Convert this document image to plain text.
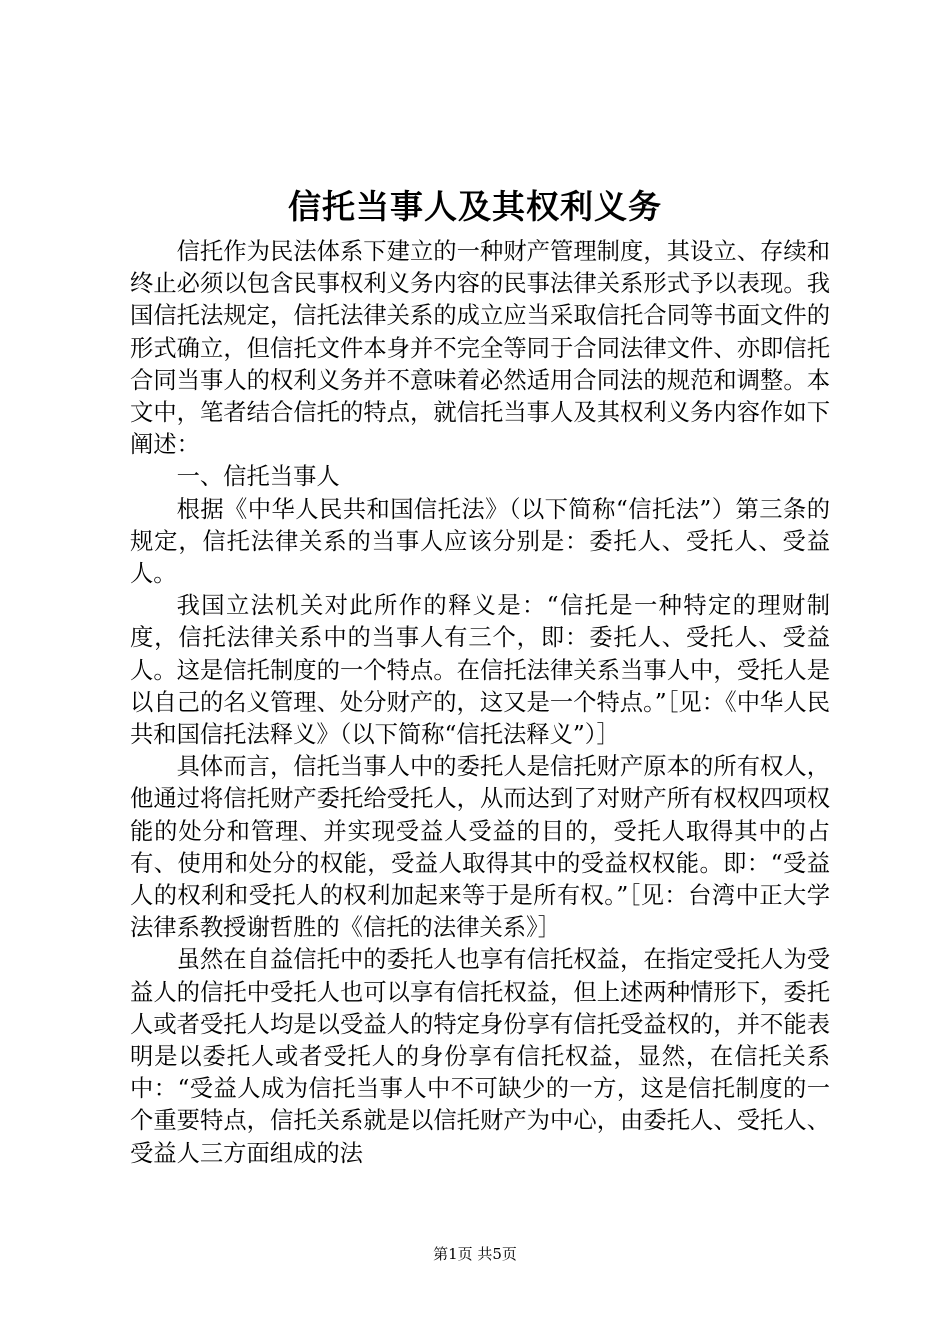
信托当事人及其权利义务

信托作为民法体系下建立的一种财产管理制度，其设立、存续和终止必须以包含民事权利义务内容的民事法律关系形式予以表现。我国信托法规定，信托法律关系的成立应当采取信托合同等书面文件的形式确立，但信托文件本身并不完全等同于合同法律文件、亦即信托合同当事人的权利义务并不意味着必然适用合同法的规范和调整。本文中，笔者结合信托的特点，就信托当事人及其权利义务内容作如下阐述：

一、信托当事人

根据《中华人民共和国信托法》（以下简称“信托法”）第三条的规定，信托法律关系的当事人应该分别是：委托人、受托人、受益人。

我国立法机关对此所作的释义是：“信托是一种特定的理财制度，信托法律关系中的当事人有三个，即：委托人、受托人、受益人。这是信托制度的一个特点。在信托法律关系当事人中，受托人是以自己的名义管理、处分财产的，这又是一个特点。”［见：《中华人民共和国信托法释义》（以下简称“信托法释义”）］

具体而言，信托当事人中的委托人是信托财产原本的所有权人，他通过将信托财产委托给受托人，从而达到了对财产所有权权四项权能的处分和管理、并实现受益人受益的目的，受托人取得其中的占有、使用和处分的权能，受益人取得其中的受益权权能。即：“受益人的权利和受托人的权利加起来等于是所有权。”［见：台湾中正大学法律系教授谢哲胜的《信托的法律关系》］

虽然在自益信托中的委托人也享有信托权益，在指定受托人为受益人的信托中受托人也可以享有信托权益，但上述两种情形下，委托人或者受托人均是以受益人的特定身份享有信托受益权的，并不能表明是以委托人或者受托人的身份享有信托权益，显然，在信托关系中：“受益人成为信托当事人中不可缺少的一方，这是信托制度的一个重要特点，信托关系就是以信托财产为中心，由委托人、受托人、受益人三方面组成的法

第1页 共5页
